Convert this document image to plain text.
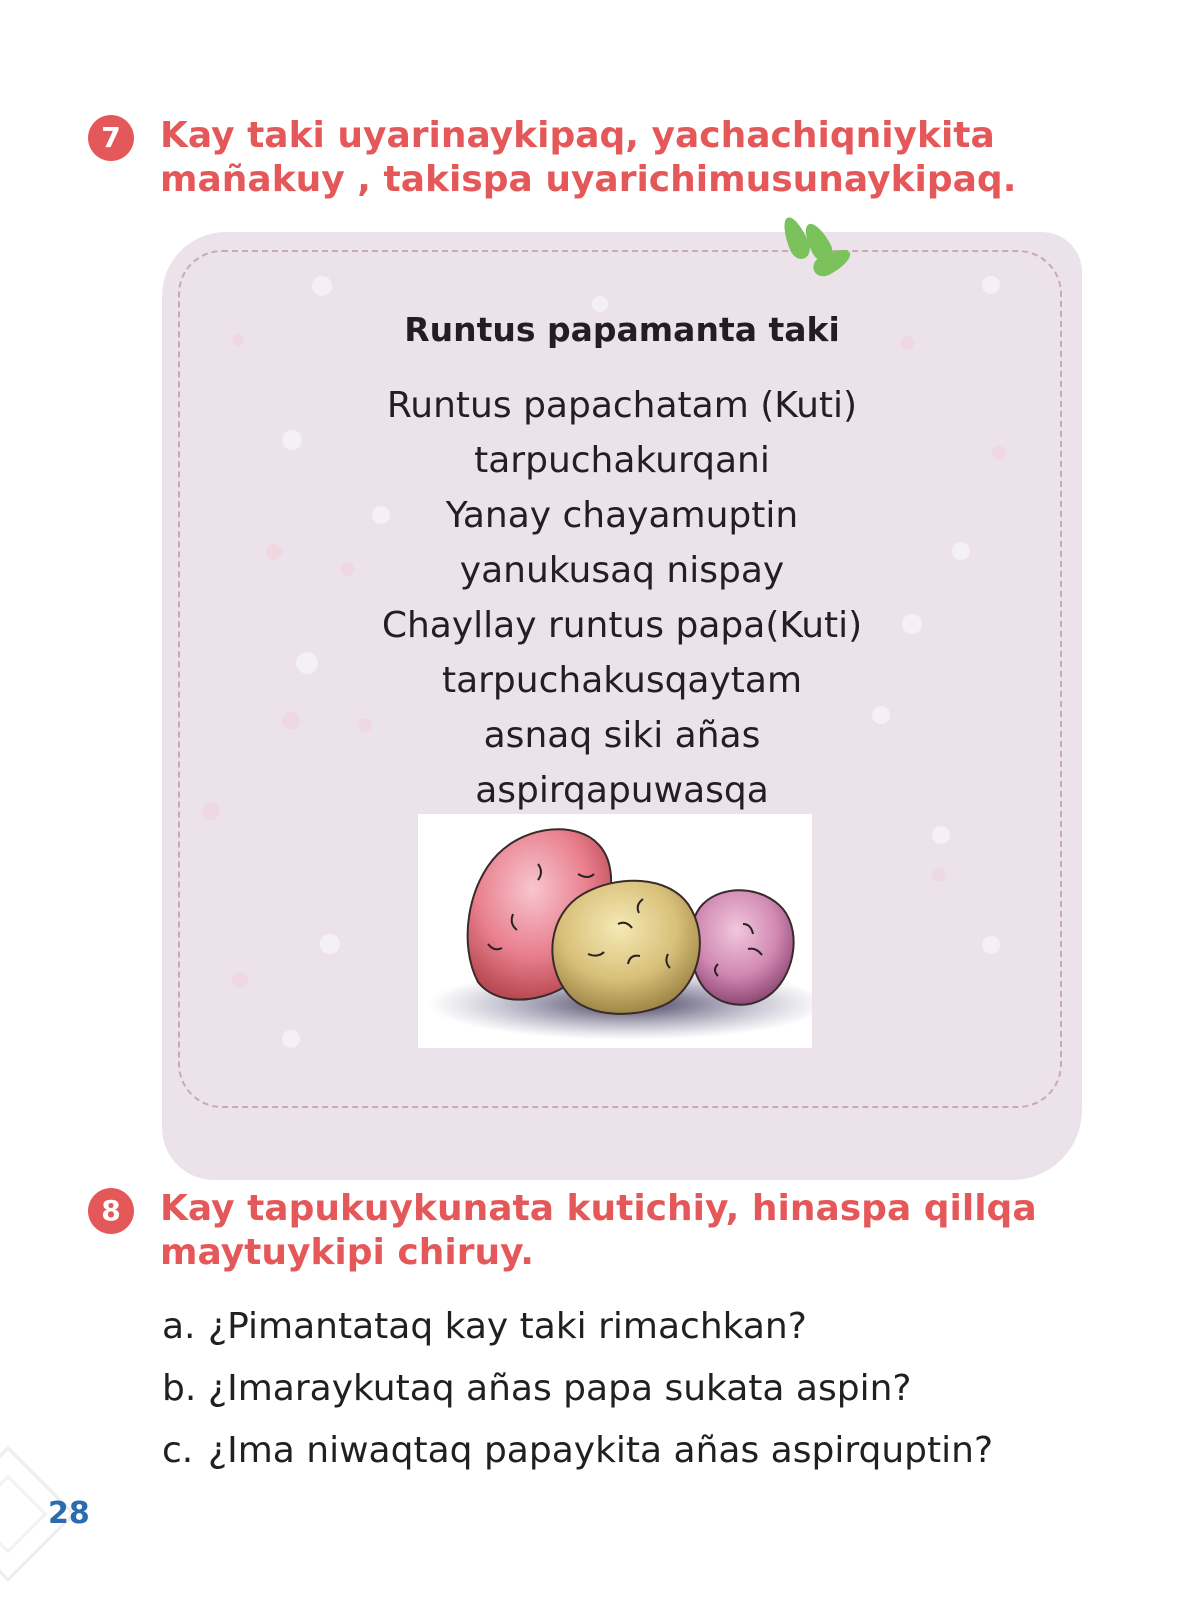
7	Kay taki uyarinaykipaq, yachachiqniykita
mañakuy , takispa uyarichimusunaykipaq.
Runtus papamanta taki
Runtus papachatam (Kuti)
tarpuchakurqani
Yanay chayamuptin
yanukusaq nispay
Chayllay runtus papa(Kuti)
tarpuchakusqaytam
asnaq siki añas
aspirqapuwasqa
8	Kay tapukuykunata kutichiy, hinaspa qillqa
maytuykipi chiruy.
a. ¿Pimantataq kay taki rimachkan?
b. ¿Imaraykutaq añas papa sukata aspin?
c. ¿Ima niwaqtaq papaykita añas aspirquptin?
28
